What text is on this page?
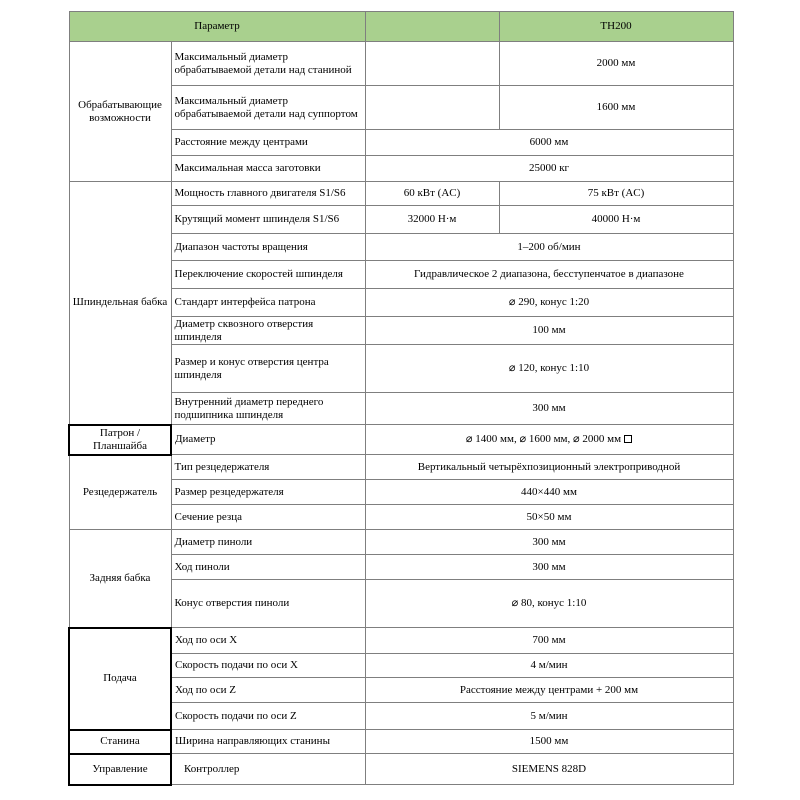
Параметр			TH200
Обрабатывающие возможности	Максимальный диаметр обрабатываемой детали над станиной		2000 мм
	Максимальный диаметр обрабатываемой детали над суппортом		1600 мм
	Расстояние между центрами	6000 мм	
	Максимальная масса заготовки	25000 кг	
Шпиндельная бабка	Мощность главного двигателя S1/S6	60 кВт (AC)	75 кВт (AC)
	Крутящий момент шпинделя S1/S6	32000 Н·м	40000 Н·м
	Диапазон частоты вращения	1–200 об/мин	
	Переключение скоростей шпинделя	Гидравлическое 2 диапазона, бесступенчатое в диапазоне	
	Стандарт интерфейса патрона	⌀ 290, конус 1:20	
	Диаметр сквозного отверстия шпинделя	100 мм	
	Размер и конус отверстия центра шпинделя	⌀ 120, конус 1:10	
	Внутренний диаметр переднего подшипника шпинделя	300 мм	
Патрон / Планшайба	Диаметр	⌀ 1400 мм, ⌀ 1600 мм, ⌀ 2000 мм	
Резцедержатель	Тип резцедержателя	Вертикальный четырёхпозиционный электроприводной	
	Размер резцедержателя	440×440 мм	
	Сечение резца	50×50 мм	
Задняя бабка	Диаметр пиноли	300 мм	
	Ход пиноли	300 мм	
	Конус отверстия пиноли	⌀ 80, конус 1:10	
Подача	Ход по оси X	700 мм	
	Скорость подачи по оси X	4 м/мин	
	Ход по оси Z	Расстояние между центрами + 200 мм	
	Скорость подачи по оси Z	5 м/мин	
Станина	Ширина направляющих станины	1500 мм	
Управление	Контроллер	SIEMENS 828D	
